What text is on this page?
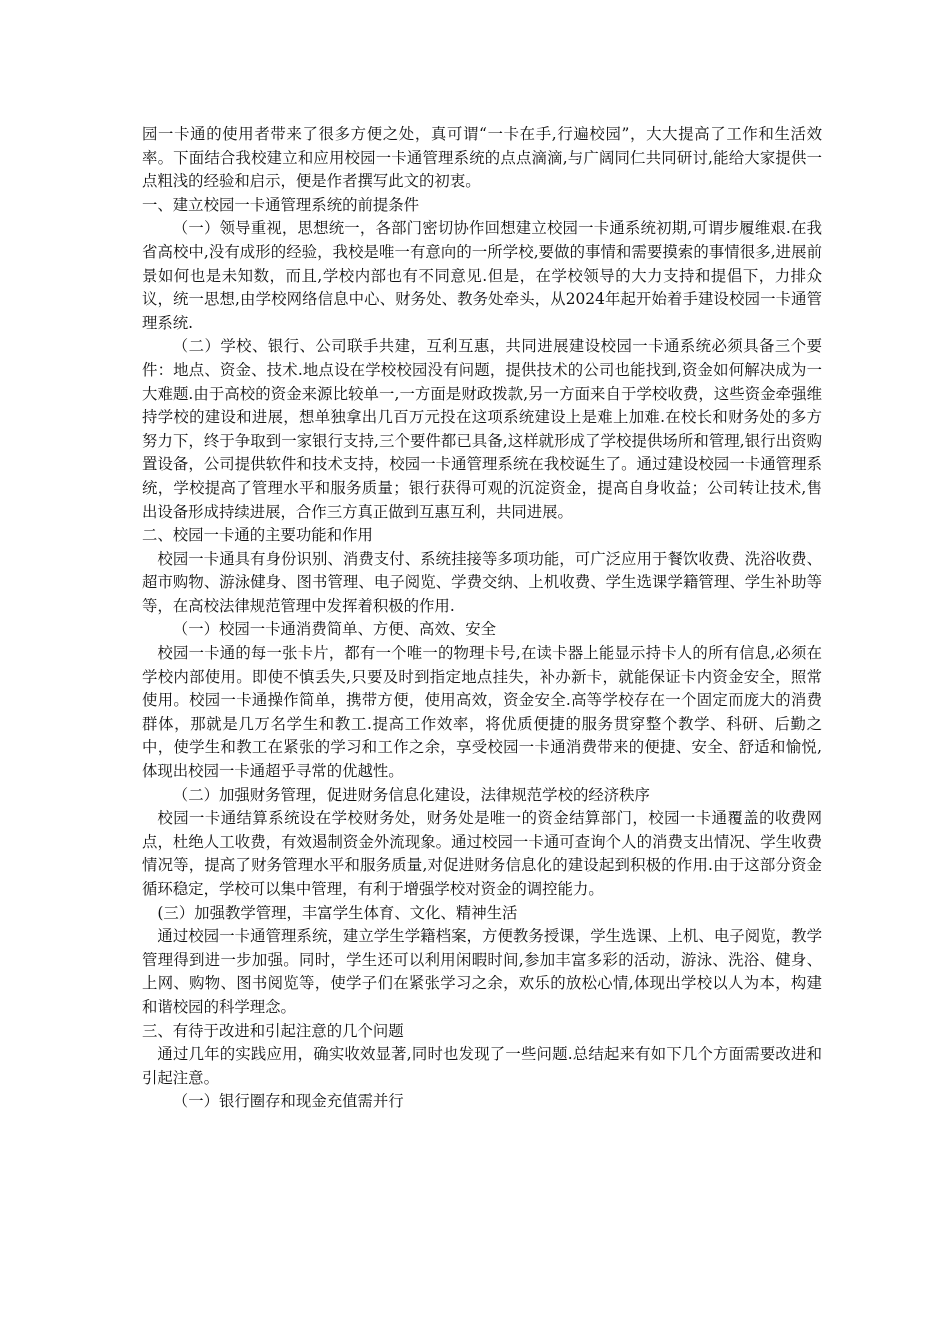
园一卡通的使用者带来了很多方便之处，真可谓“一卡在手,行遍校园”，大大提高了工作和生活效率。下面结合我校建立和应用校园一卡通管理系统的点点滴滴,与广阔同仁共同研讨,能给大家提供一点粗浅的经验和启示，便是作者撰写此文的初衷。

一、建立校园一卡通管理系统的前提条件

（一）领导重视，思想统一，各部门密切协作回想建立校园一卡通系统初期,可谓步履维艰.在我省高校中,没有成形的经验，我校是唯一有意向的一所学校,要做的事情和需要摸索的事情很多,进展前景如何也是未知数，而且,学校内部也有不同意见.但是，在学校领导的大力支持和提倡下，力排众议，统一思想,由学校网络信息中心、财务处、教务处牵头，从2024年起开始着手建设校园一卡通管理系统.

（二）学校、银行、公司联手共建，互利互惠，共同进展建设校园一卡通系统必须具备三个要件：地点、资金、技术.地点设在学校校园没有问题，提供技术的公司也能找到,资金如何解决成为一大难题.由于高校的资金来源比较单一,一方面是财政拨款,另一方面来自于学校收费，这些资金牵强维持学校的建设和进展，想单独拿出几百万元投在这项系统建设上是难上加难.在校长和财务处的多方努力下，终于争取到一家银行支持,三个要件都已具备,这样就形成了学校提供场所和管理,银行出资购置设备，公司提供软件和技术支持，校园一卡通管理系统在我校诞生了。通过建设校园一卡通管理系统，学校提高了管理水平和服务质量；银行获得可观的沉淀资金，提高自身收益；公司转让技术,售出设备形成持续进展，合作三方真正做到互惠互利，共同进展。

二、校园一卡通的主要功能和作用

校园一卡通具有身份识别、消费支付、系统挂接等多项功能，可广泛应用于餐饮收费、洗浴收费、超市购物、游泳健身、图书管理、电子阅览、学费交纳、上机收费、学生选课学籍管理、学生补助等等，在高校法律规范管理中发挥着积极的作用.

（一）校园一卡通消费简单、方便、高效、安全

校园一卡通的每一张卡片，都有一个唯一的物理卡号,在读卡器上能显示持卡人的所有信息,必须在学校内部使用。即使不慎丢失,只要及时到指定地点挂失，补办新卡，就能保证卡内资金安全，照常使用。校园一卡通操作简单，携带方便，使用高效，资金安全.高等学校存在一个固定而庞大的消费群体，那就是几万名学生和教工.提高工作效率，将优质便捷的服务贯穿整个教学、科研、后勤之中，使学生和教工在紧张的学习和工作之余，享受校园一卡通消费带来的便捷、安全、舒适和愉悦,体现出校园一卡通超乎寻常的优越性。

（二）加强财务管理，促进财务信息化建设，法律规范学校的经济秩序

校园一卡通结算系统设在学校财务处，财务处是唯一的资金结算部门，校园一卡通覆盖的收费网点，杜绝人工收费，有效遏制资金外流现象。通过校园一卡通可查询个人的消费支出情况、学生收费情况等，提高了财务管理水平和服务质量,对促进财务信息化的建设起到积极的作用.由于这部分资金循环稳定，学校可以集中管理，有利于增强学校对资金的调控能力。

(三）加强教学管理，丰富学生体育、文化、精神生活

通过校园一卡通管理系统，建立学生学籍档案，方便教务授课，学生选课、上机、电子阅览，教学管理得到进一步加强。同时，学生还可以利用闲暇时间,参加丰富多彩的活动，游泳、洗浴、健身、上网、购物、图书阅览等，使学子们在紧张学习之余，欢乐的放松心情,体现出学校以人为本，构建和谐校园的科学理念。

三、有待于改进和引起注意的几个问题

通过几年的实践应用，确实收效显著,同时也发现了一些问题.总结起来有如下几个方面需要改进和引起注意。

（一）银行圈存和现金充值需并行
